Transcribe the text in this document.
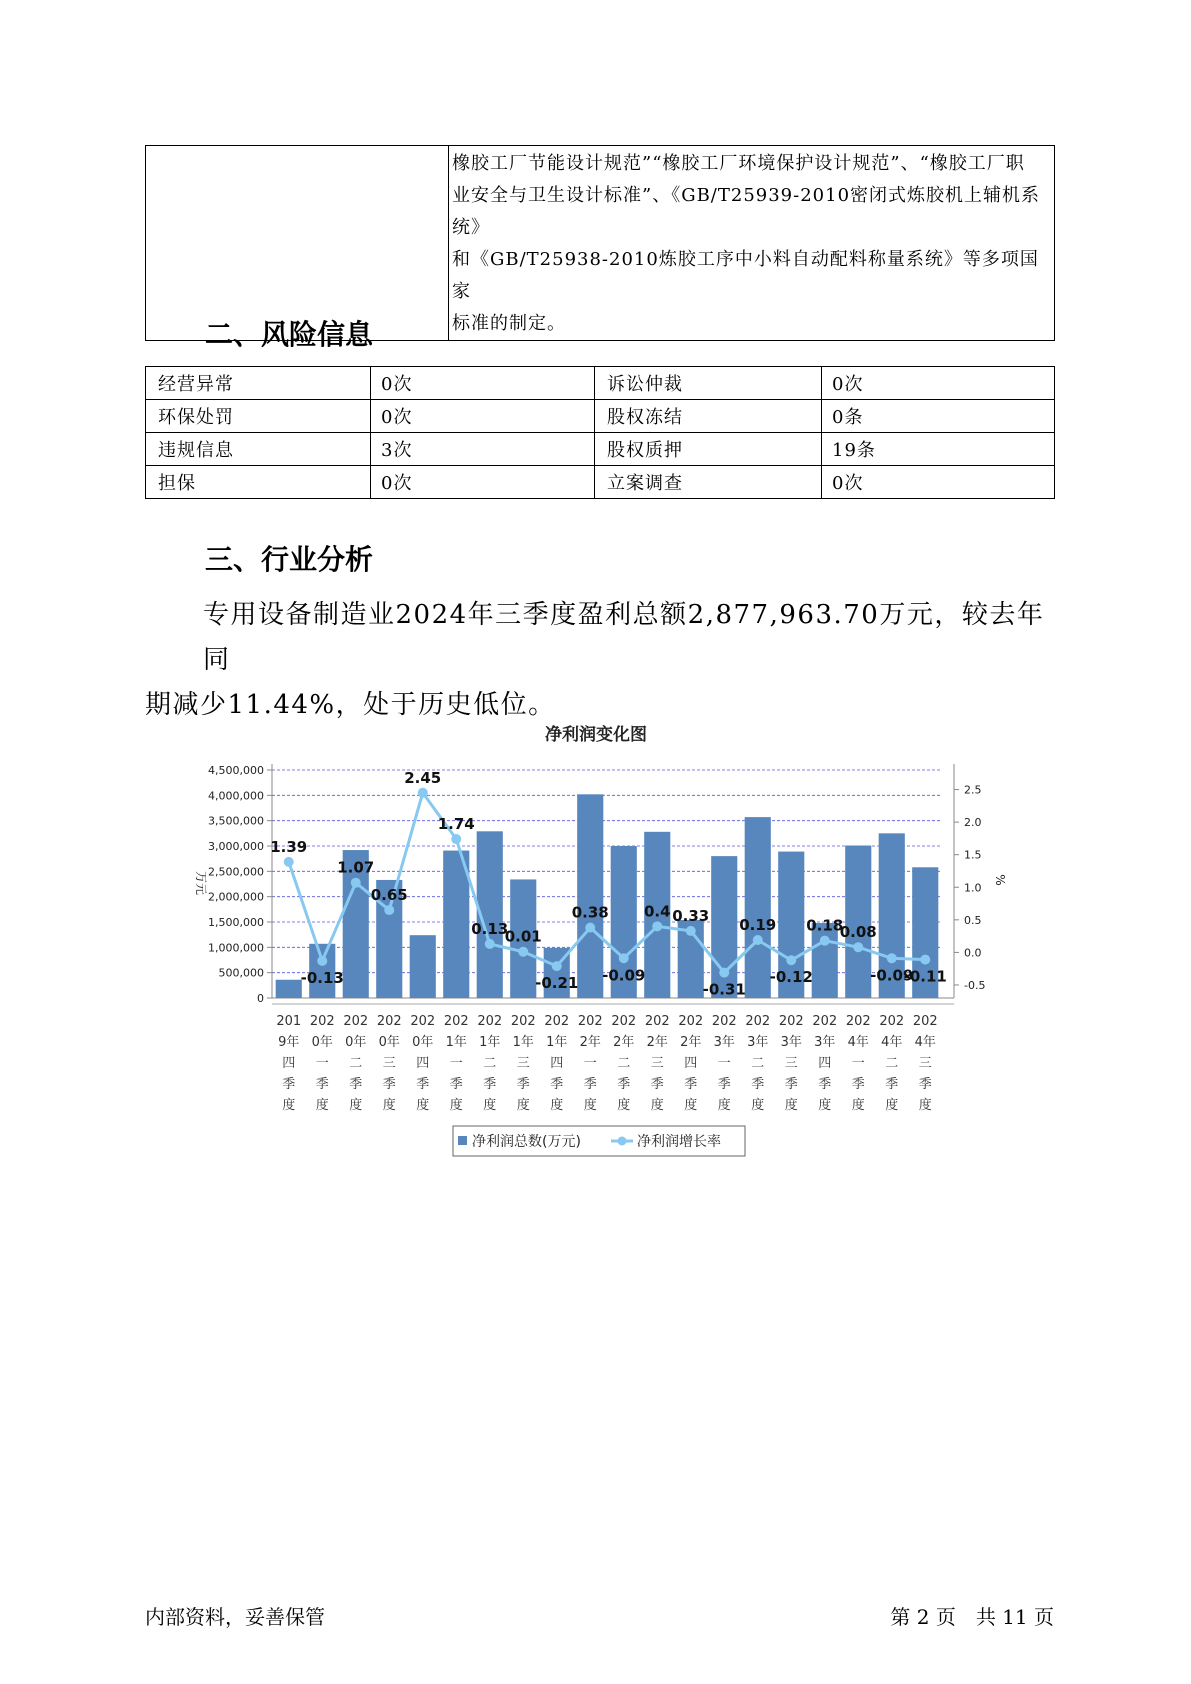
橡胶工厂节能设计规范”“橡胶工厂环境保护设计规范”、“橡胶工厂职
业安全与卫生设计标准”、《GB/T25939-2010密闭式炼胶机上辅机系统》
和《GB/T25938-2010炼胶工序中小料自动配料称量系统》等多项国家
标准的制定。
二、风险信息
经营异常	0次	诉讼仲裁	0次
环保处罚	0次	股权冻结	0条
违规信息	3次	股权质押	19条
担保	0次	立案调查	0次
三、行业分析
专用设备制造业2024年三季度盈利总额2,877,963.70万元，较去年同
期减少11.44%，处于历史低位。
净利润变化图
0
500,000
1,000,000
1,500,000
2,000,000
2,500,000
3,000,000
3,500,000
4,000,000
4,500,000
-0.5
0.0
0.5
1.0
1.5
2.0
2.5
万元	%
1.39
-0.13
1.07
0.65
2.45
1.74
0.13
0.01
-0.21
0.38
-0.09
0.4 0.33
-0.31
0.19
-0.12
0.18
0.08
-0.09
-0.11
201
9年
四
季
度
202
0年
一
季
度
202
0年
二
季
度
202
0年
三
季
度
202
0年
四
季
度
202
1年
一
季
度
202
1年
二
季
度
202
1年
三
季
度
202
1年
四
季
度
202
2年
一
季
度
202
2年
二
季
度
202
2年
三
季
度
202
2年
四
季
度
202
3年
一
季
度
202
3年
二
季
度
202
3年
三
季
度
202
3年
四
季
度
202
4年
一
季
度
202
4年
二
季
度
202
4年
三
季
度
净利润总数(万元)	净利润增长率
内部资料，妥善保管	第 2 页　共 11 页
